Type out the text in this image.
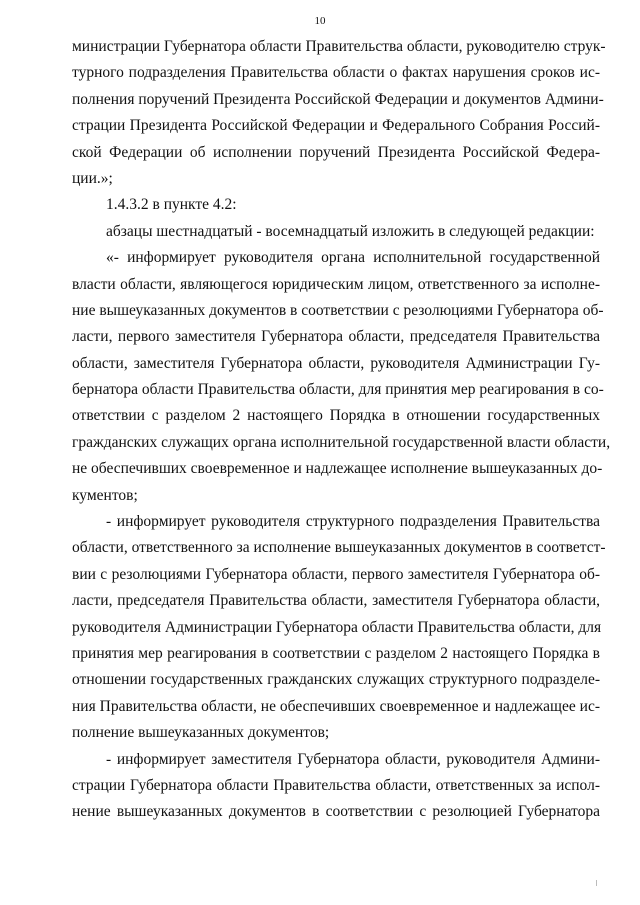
10
министрации Губернатора области Правительства области, руководителю струк-
турного подразделения Правительства области о фактах нарушения сроков ис-
полнения поручений Президента Российской Федерации и документов Админи-
страции Президента Российской Федерации и Федерального Собрания Россий-
ской Федерации об исполнении поручений Президента Российской Федера-
ции.»;
1.4.3.2 в пункте 4.2:
абзацы шестнадцатый - восемнадцатый изложить в следующей редакции:
«- информирует руководителя органа исполнительной государственной
власти области, являющегося юридическим лицом, ответственного за исполне-
ние вышеуказанных документов в соответствии с резолюциями Губернатора об-
ласти, первого заместителя Губернатора области, председателя Правительства
области, заместителя Губернатора области, руководителя Администрации Гу-
бернатора области Правительства области, для принятия мер реагирования в со-
ответствии с разделом 2 настоящего Порядка в отношении государственных
гражданских служащих органа исполнительной государственной власти области,
не обеспечивших своевременное и надлежащее исполнение вышеуказанных до-
кументов;
- информирует руководителя структурного подразделения Правительства
области, ответственного за исполнение вышеуказанных документов в соответст-
вии с резолюциями Губернатора области, первого заместителя Губернатора об-
ласти, председателя Правительства области, заместителя Губернатора области,
руководителя Администрации Губернатора области Правительства области, для
принятия мер реагирования в соответствии с разделом 2 настоящего Порядка в
отношении государственных гражданских служащих структурного подразделе-
ния Правительства области, не обеспечивших своевременное и надлежащее ис-
полнение вышеуказанных документов;
- информирует заместителя Губернатора области, руководителя Админи-
страции Губернатора области Правительства области, ответственных за испол-
нение вышеуказанных документов в соответствии с резолюцией Губернатора
